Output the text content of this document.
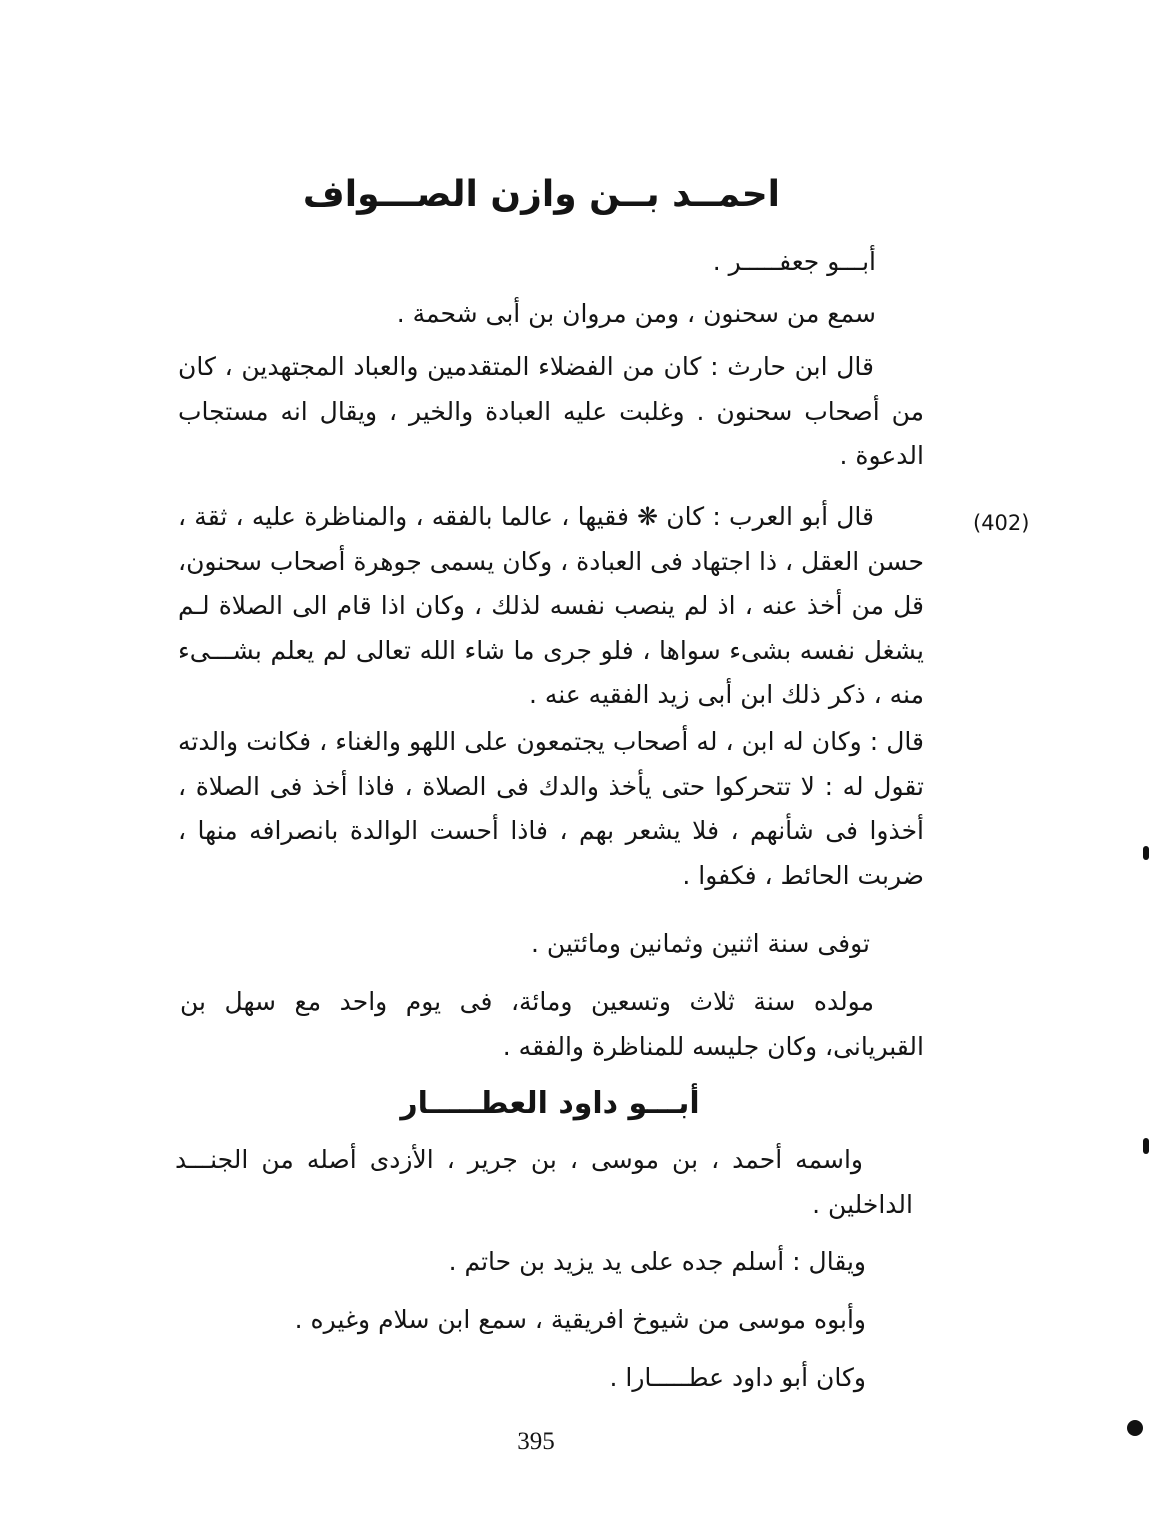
احمــد بــن وازن الصـــواف
أبـــو جعفـــــر .
سمع من سحنون ، ومن مروان بن أبى شحمة .
قال ابن حارث : كان من الفضلاء المتقدمين والعباد المجتهدين ، كان من أصحاب سحنون . وغلبت عليه العبادة والخير ، ويقال انه مستجاب الدعوة .
(402)
قال أبو العرب : كان ❋ فقيها ، عالما بالفقه ، والمناظرة عليه ، ثقة ، حسن العقل ، ذا اجتهاد فى العبادة ، وكان يسمى جوهرة أصحاب سحنون، قل من أخذ عنه ، اذ لم ينصب نفسه لذلك ، وكان اذا قام الى الصلاة لـم يشغل نفسه بشىء سواها ، فلو جرى ما شاء الله تعالى لم يعلم بشـــىء منه ، ذكر ذلك ابن أبى زيد الفقيه عنه .
قال : وكان له ابن ، له أصحاب يجتمعون على اللهو والغناء ، فكانت والدته تقول له : لا تتحركوا حتى يأخذ والدك فى الصلاة ، فاذا أخذ فى الصلاة ، أخذوا فى شأنهم ، فلا يشعر بهم ، فاذا أحست الوالدة بانصرافه منها ، ضربت الحائط ، فكفوا .
توفى سنة اثنين وثمانين ومائتين .
مولده سنة ثلاث وتسعين ومائة، فى يوم واحد مع سهل بن القبريانى، وكان جليسه للمناظرة والفقه .
أبـــو داود العطـــــار
واسمه أحمد ، بن موسى ، بن جرير ، الأزدى أصله من الجنـــد الداخلين .
ويقال : أسلم جده على يد يزيد بن حاتم .
وأبوه موسى من شيوخ افريقية ، سمع ابن سلام وغيره .
وكان أبو داود عطـــــارا .
395
